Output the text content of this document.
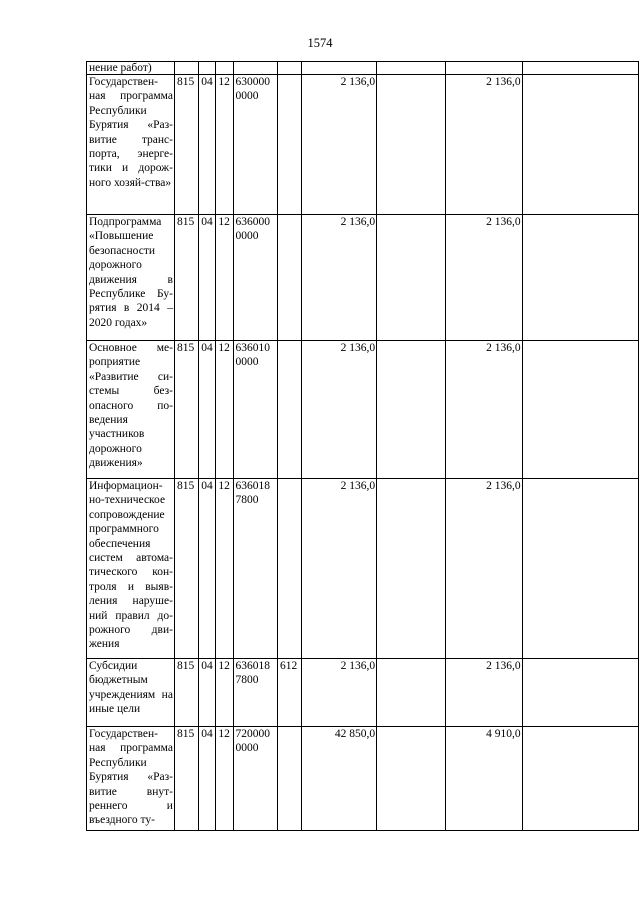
1574
нение работ)									
Государствен-ная программа Республики Бурятия «Раз-витие транс-порта, энерге-тики и дорож-ного хозяй-ства»	815	04	12	630000 0000		2 136,0		2 136,0	
Подпрограмма «Повышение безопасности дорожного движения в Республике Бу-рятия в 2014 – 2020 годах»	815	04	12	636000 0000		2 136,0		2 136,0	
Основное ме-роприятие «Развитие си-стемы без-опасного по-ведения участников дорожного движения»	815	04	12	636010 0000		2 136,0		2 136,0	
Информацион-но-техническое сопровождение программного обеспечения систем автома-тического кон-троля и выяв-ления наруше-ний правил до-рожного дви-жения	815	04	12	636018 7800		2 136,0		2 136,0	
Субсидии бюджетным учреждениям на иные цели	815	04	12	636018 7800	612	2 136,0		2 136,0	
Государствен-ная программа Республики Бурятия «Раз-витие внут-реннего и въездного ту-	815	04	12	720000 0000		42 850,0		4 910,0	
